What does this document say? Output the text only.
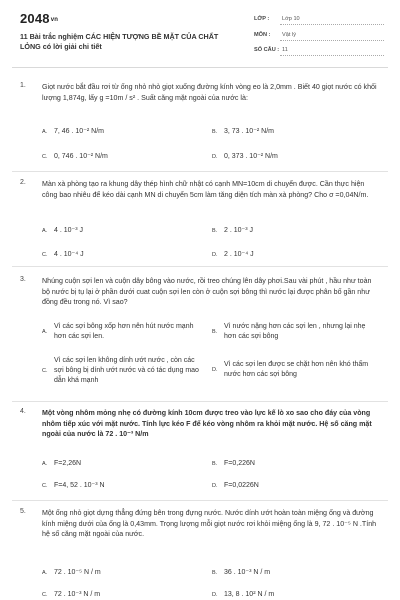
2048vn
11 Bài trắc nghiệm CÁC HIỆN TƯỢNG BỀ MẶT CỦA CHẤT LỎNG có lời giải chi tiết
LỚP : Lớp 10
MÔN : Vật lý
SỐ CÂU : 11
1. Giọt nước bắt đầu rơi từ ống nhỏ nhỏ giọt xuống đường kính vòng eo là 2,0mm . Biết 40 giọt nước có khối lượng 1,874g, lấy g =10m / s² . Suất căng mặt ngoài của nước là:
A. 7, 46 . 10⁻² N/m	B. 3, 73 . 10⁻² N/m
C. 0, 746 . 10⁻² N/m	D. 0, 373 . 10⁻² N/m
2. Màn xà phòng tạo ra khung dây thép hình chữ nhật có cạnh MN=10cm di chuyển được. Cần thực hiện công bao nhiêu để kéo dài cạnh MN di chuyển 5cm làm tăng diện tích màn xà phòng? Cho σ =0,04N/m.
A. 4 . 10⁻³ J	B. 2 . 10⁻³ J
C. 4 . 10⁻⁴ J	D. 2 . 10⁻⁴ J
3. Nhúng cuộn sợi len và cuộn dây bông vào nước, rồi treo chúng lên dây phơi.Sau vài phút , hầu như toàn bộ nước bị tụ lại ở phần dưới cuat cuộn sợi len còn ở cuộn sợi bông thì nước lại được phân bố gần như đồng đều trong nó. Vì sao?
A.
Vì các sợi bông xốp hơn nên hút nước mạnh hơn các sợi len.
B.
Vì nước nặng hơn các sợi len , nhưng lại nhẹ hơn các sợi bông
C.
Vì các sợi len không dính ướt nước , còn các sợi bông bị dính ướt nước và có tác dụng mao dẫn khá mạnh
D.
Vì các sợi len được se chặt hơn nên khó thấm nước hơn các sợi bông
4. Một vòng nhôm mỏng nhẹ có đường kính 10cm được treo vào lực kế lò xo sao cho đáy của vòng nhôm tiếp xúc với mặt nước. Tính lực kéo F để kéo vòng nhôm ra khỏi mặt nước. Hệ số căng mặt ngoài của nước là 72 . 10⁻³ N/m
A. F=2,26N	B. F=0,226N
C. F=4, 52 . 10⁻³ N	D. F=0,0226N
5. Một ống nhỏ giọt dựng thẳng đứng bên trong đựng nước. Nước dính ướt hoàn toàn miệng ống và đường kính miệng dưới của ống là 0,43mm. Trọng lượng mỗi giọt nước rơi khỏi miệng ống là 9, 72 . 10⁻⁵ N .Tính hệ số căng mặt ngoài của nước.
A. 72 . 10⁻⁵ N / m	B. 36 . 10⁻³ N / m
C. 72 . 10⁻³ N / m	D. 13, 8 . 10² N / m
